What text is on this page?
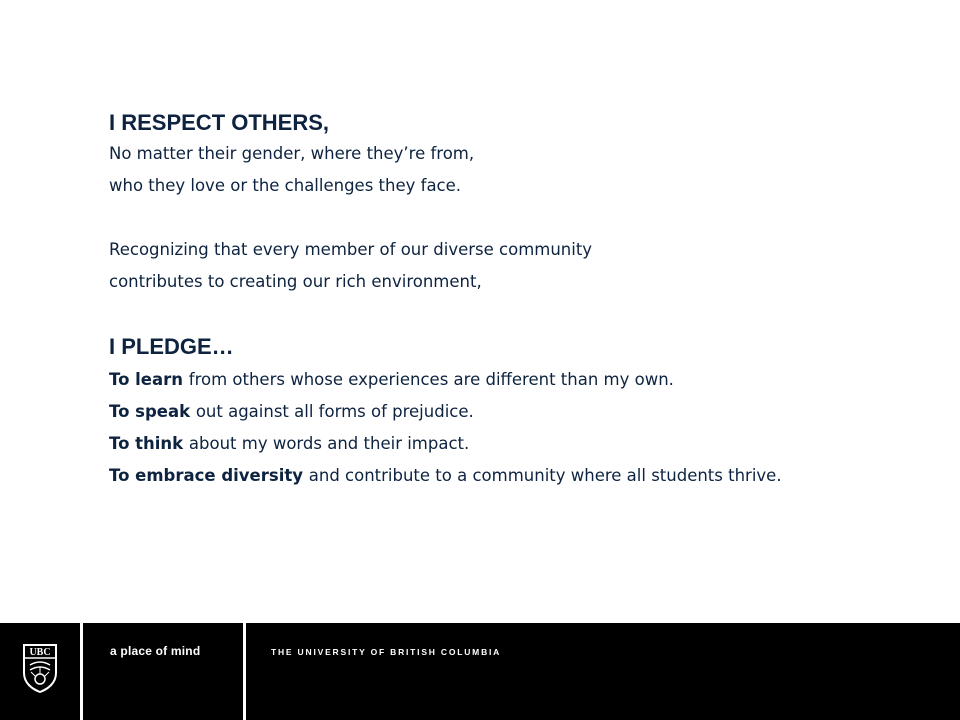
I RESPECT OTHERS,

No matter their gender, where they’re from,

who they love or the challenges they face.

Recognizing that every member of our diverse community

contributes to creating our rich environment,

I PLEDGE…

To learn from others whose experiences are different than my own.

To speak out against all forms of prejudice.

To think about my words and their impact.

To embrace diversity and contribute to a community where all students thrive.

UBC	a place of mind	THE UNIVERSITY OF BRITISH COLUMBIA
